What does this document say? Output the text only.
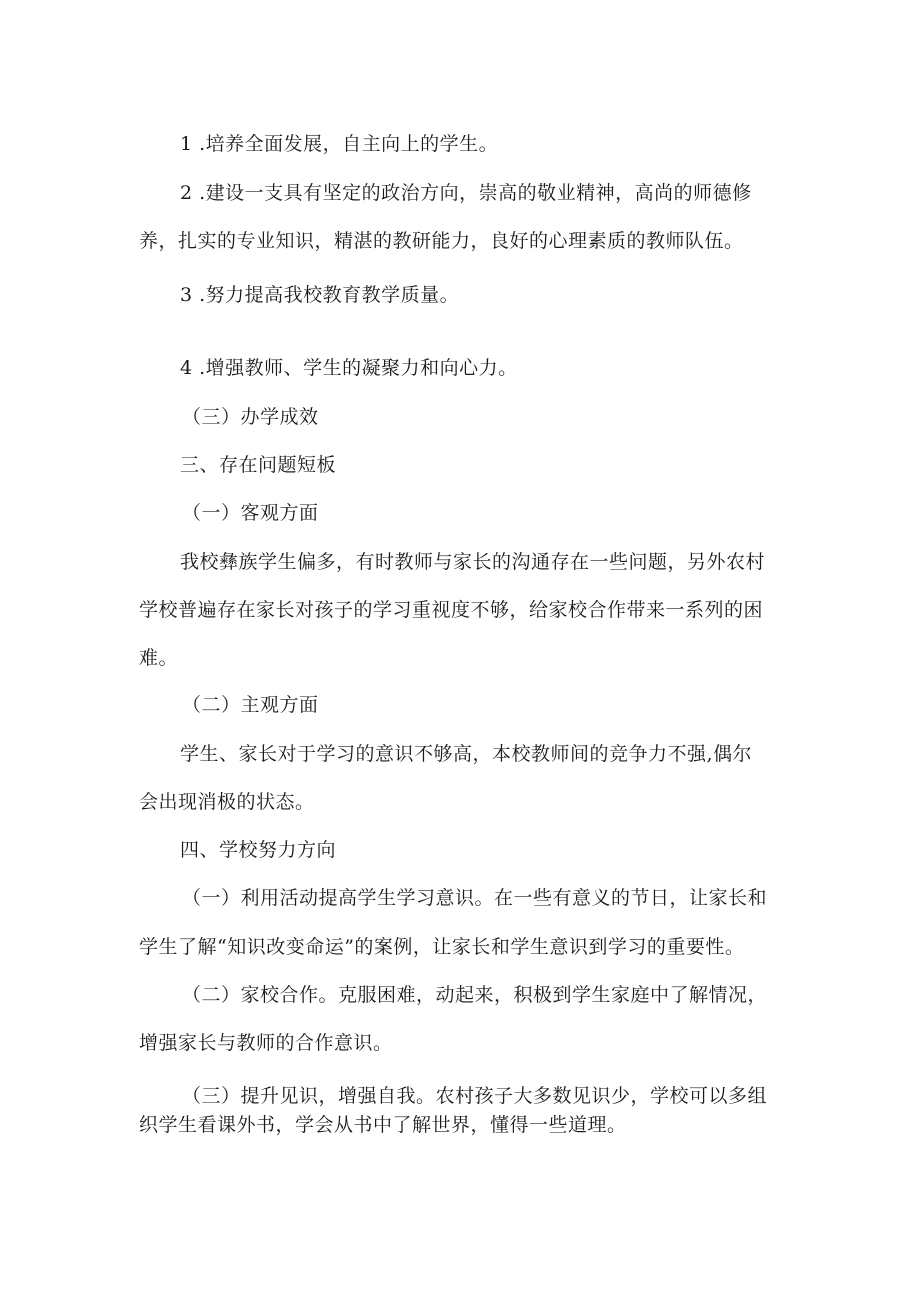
1 .培养全面发展，自主向上的学生。
2 .建设一支具有坚定的政治方向，崇高的敬业精神，高尚的师德修
养，扎实的专业知识，精湛的教研能力，良好的心理素质的教师队伍。
3 .努力提高我校教育教学质量。
4 .增强教师、学生的凝聚力和向心力。
（三）办学成效
三、存在问题短板
（一）客观方面
我校彝族学生偏多，有时教师与家长的沟通存在一些问题，另外农村
学校普遍存在家长对孩子的学习重视度不够，给家校合作带来一系列的困
难。
（二）主观方面
学生、家长对于学习的意识不够高，本校教师间的竞争力不强,偶尔
会出现消极的状态。
四、学校努力方向
（一）利用活动提高学生学习意识。在一些有意义的节日，让家长和
学生了解“知识改变命运”的案例，让家长和学生意识到学习的重要性。
（二）家校合作。克服困难，动起来，积极到学生家庭中了解情况，
增强家长与教师的合作意识。
（三）提升见识，增强自我。农村孩子大多数见识少，学校可以多组
织学生看课外书，学会从书中了解世界，懂得一些道理。
